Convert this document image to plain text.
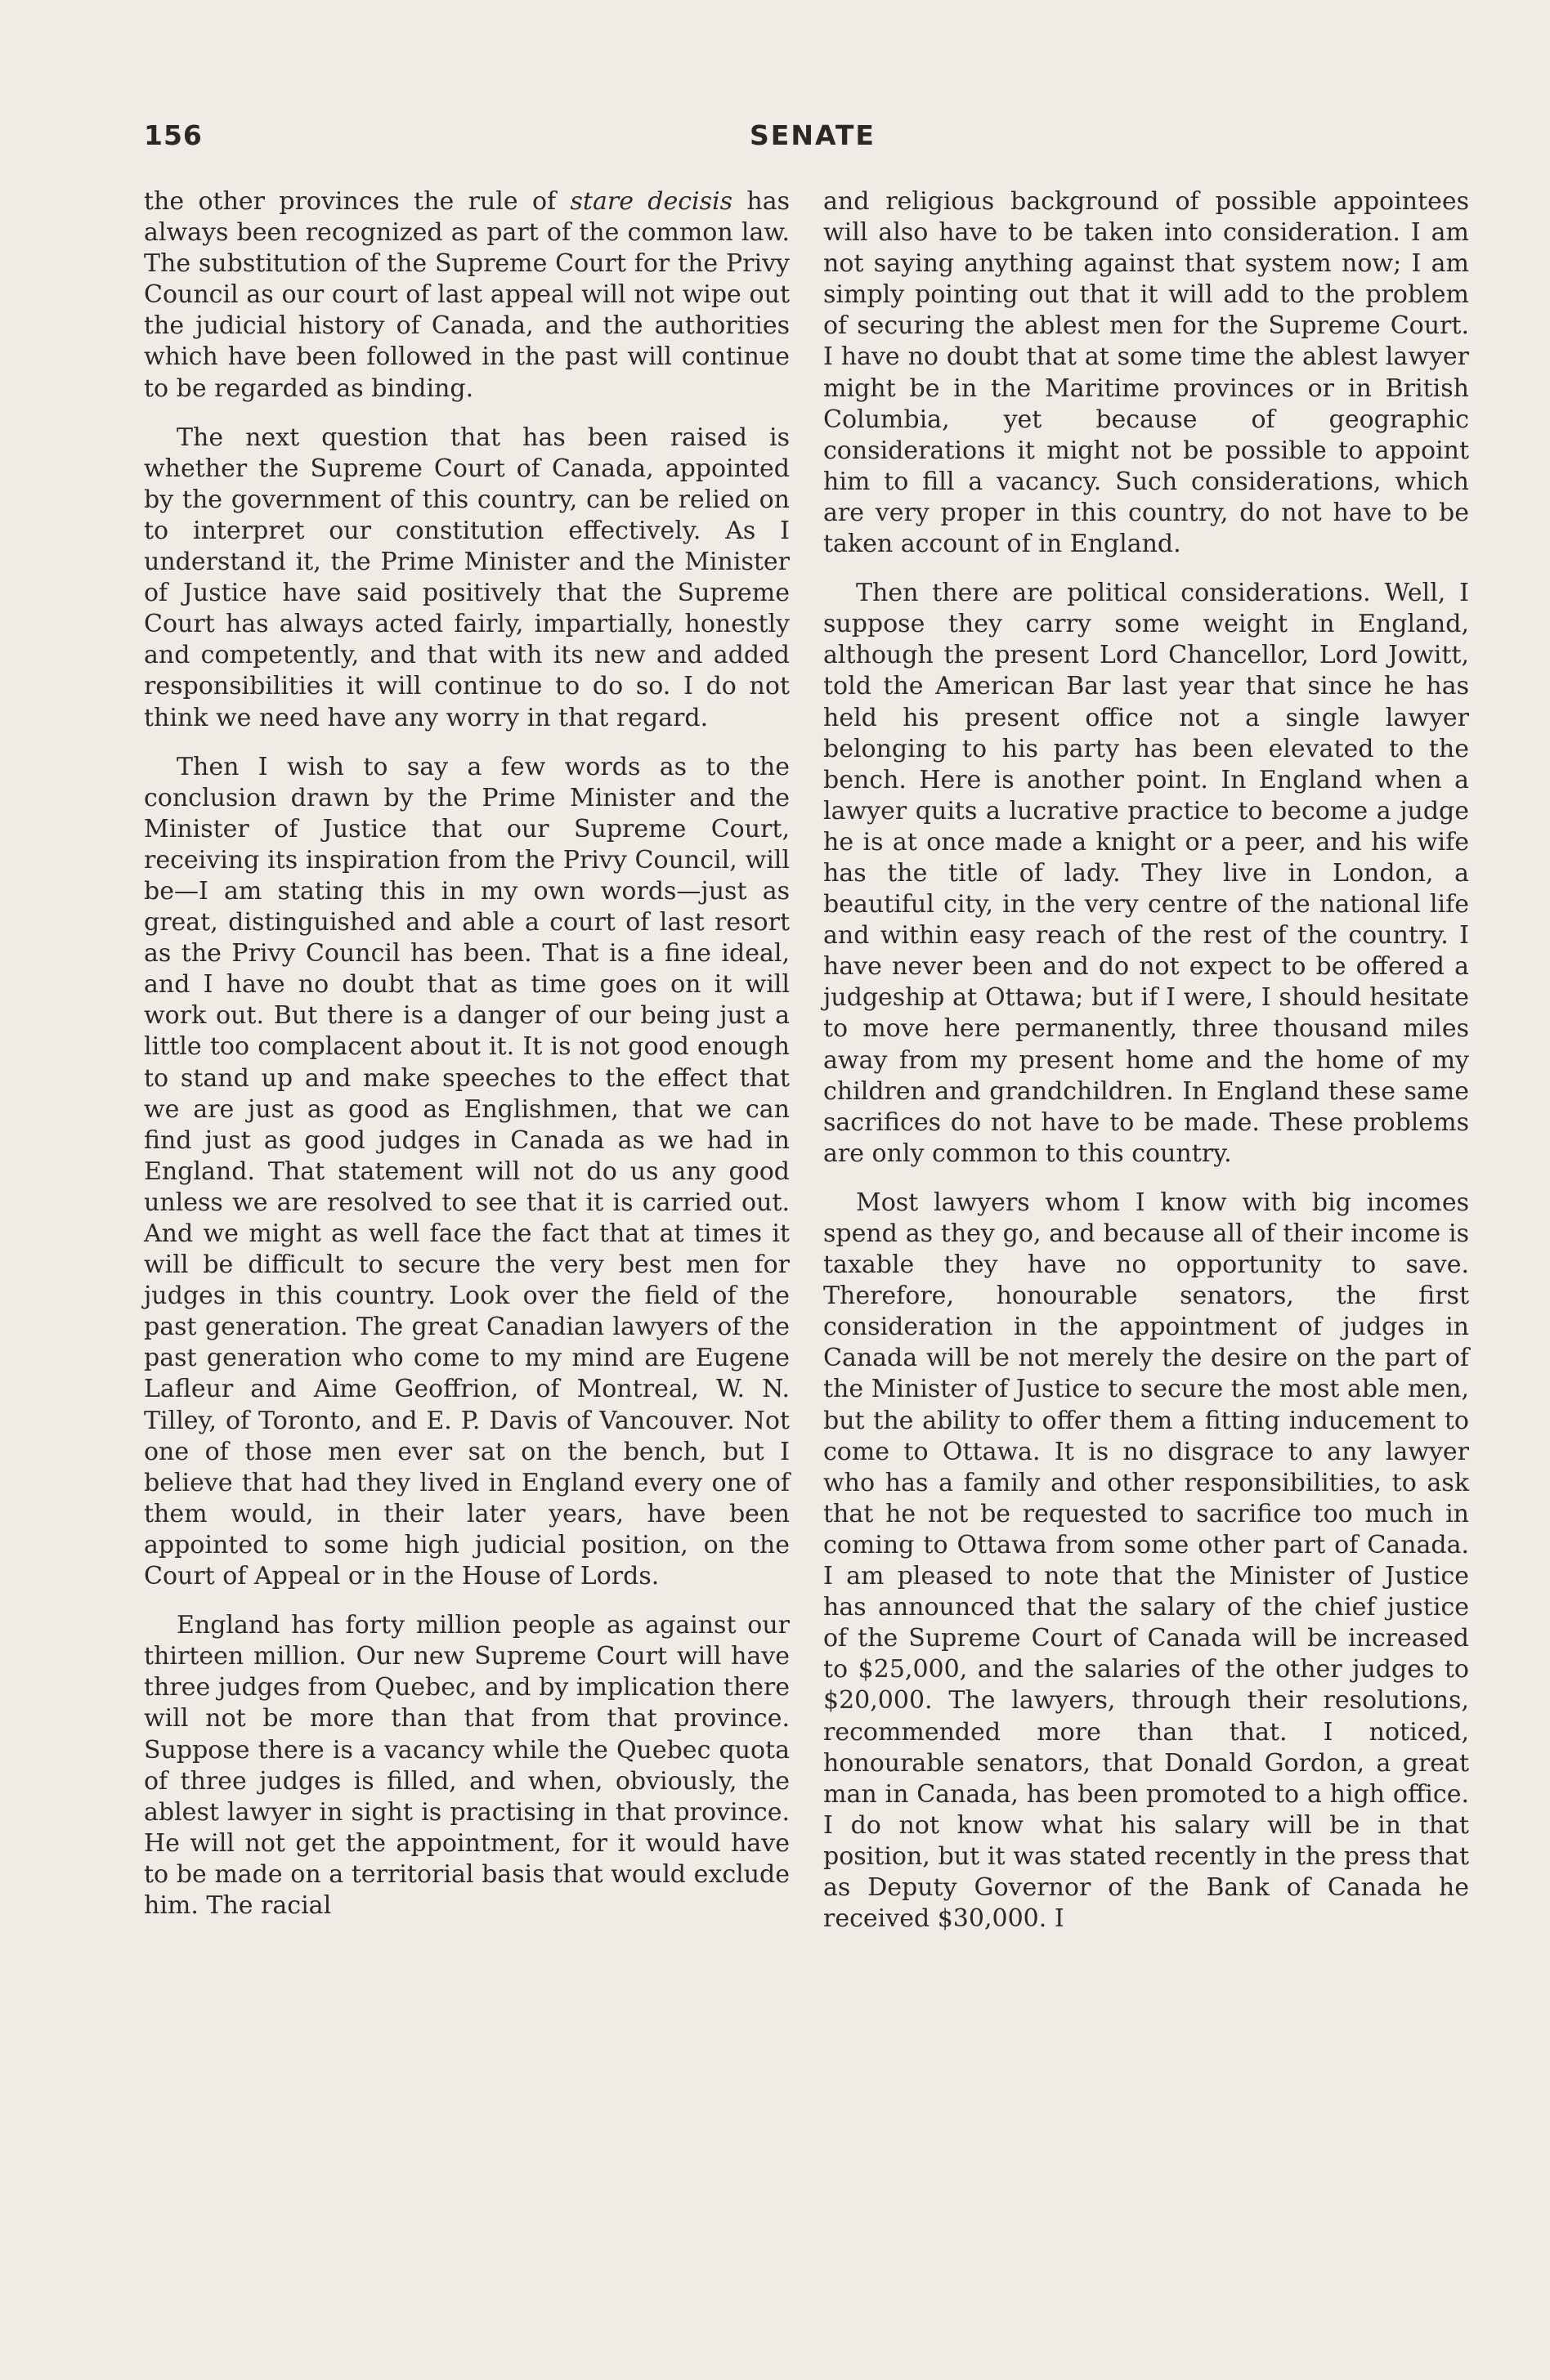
156	SENATE

the other provinces the rule of stare decisis has always been recognized as part of the common law. The substitution of the Supreme Court for the Privy Council as our court of last appeal will not wipe out the judicial history of Canada, and the authorities which have been followed in the past will continue to be regarded as binding.

The next question that has been raised is whether the Supreme Court of Canada, appointed by the government of this country, can be relied on to interpret our constitution effectively. As I understand it, the Prime Minister and the Minister of Justice have said positively that the Supreme Court has always acted fairly, impartially, honestly and competently, and that with its new and added responsibilities it will continue to do so. I do not think we need have any worry in that regard.

Then I wish to say a few words as to the conclusion drawn by the Prime Minister and the Minister of Justice that our Supreme Court, receiving its inspiration from the Privy Council, will be—I am stating this in my own words—just as great, distinguished and able a court of last resort as the Privy Council has been. That is a fine ideal, and I have no doubt that as time goes on it will work out. But there is a danger of our being just a little too complacent about it. It is not good enough to stand up and make speeches to the effect that we are just as good as Englishmen, that we can find just as good judges in Canada as we had in England. That statement will not do us any good unless we are resolved to see that it is carried out. And we might as well face the fact that at times it will be difficult to secure the very best men for judges in this country. Look over the field of the past generation. The great Canadian lawyers of the past generation who come to my mind are Eugene Lafleur and Aime Geoffrion, of Montreal, W. N. Tilley, of Toronto, and E. P. Davis of Vancouver. Not one of those men ever sat on the bench, but I believe that had they lived in England every one of them would, in their later years, have been appointed to some high judicial position, on the Court of Appeal or in the House of Lords.

England has forty million people as against our thirteen million. Our new Supreme Court will have three judges from Quebec, and by implication there will not be more than that from that province. Suppose there is a vacancy while the Quebec quota of three judges is filled, and when, obviously, the ablest lawyer in sight is practising in that province. He will not get the appointment, for it would have to be made on a territorial basis that would exclude him. The racial

and religious background of possible appointees will also have to be taken into consideration. I am not saying anything against that system now; I am simply pointing out that it will add to the problem of securing the ablest men for the Supreme Court. I have no doubt that at some time the ablest lawyer might be in the Maritime provinces or in British Columbia, yet because of geographic considerations it might not be possible to appoint him to fill a vacancy. Such considerations, which are very proper in this country, do not have to be taken account of in England.

Then there are political considerations. Well, I suppose they carry some weight in England, although the present Lord Chancellor, Lord Jowitt, told the American Bar last year that since he has held his present office not a single lawyer belonging to his party has been elevated to the bench. Here is another point. In England when a lawyer quits a lucrative practice to become a judge he is at once made a knight or a peer, and his wife has the title of lady. They live in London, a beautiful city, in the very centre of the national life and within easy reach of the rest of the country. I have never been and do not expect to be offered a judgeship at Ottawa; but if I were, I should hesitate to move here permanently, three thousand miles away from my present home and the home of my children and grandchildren. In England these same sacrifices do not have to be made. These problems are only common to this country.

Most lawyers whom I know with big incomes spend as they go, and because all of their income is taxable they have no opportunity to save. Therefore, honourable senators, the first consideration in the appointment of judges in Canada will be not merely the desire on the part of the Minister of Justice to secure the most able men, but the ability to offer them a fitting inducement to come to Ottawa. It is no disgrace to any lawyer who has a family and other responsibilities, to ask that he not be requested to sacrifice too much in coming to Ottawa from some other part of Canada. I am pleased to note that the Minister of Justice has announced that the salary of the chief justice of the Supreme Court of Canada will be increased to $25,000, and the salaries of the other judges to $20,000. The lawyers, through their resolutions, recommended more than that. I noticed, honourable senators, that Donald Gordon, a great man in Canada, has been promoted to a high office. I do not know what his salary will be in that position, but it was stated recently in the press that as Deputy Governor of the Bank of Canada he received $30,000. I
